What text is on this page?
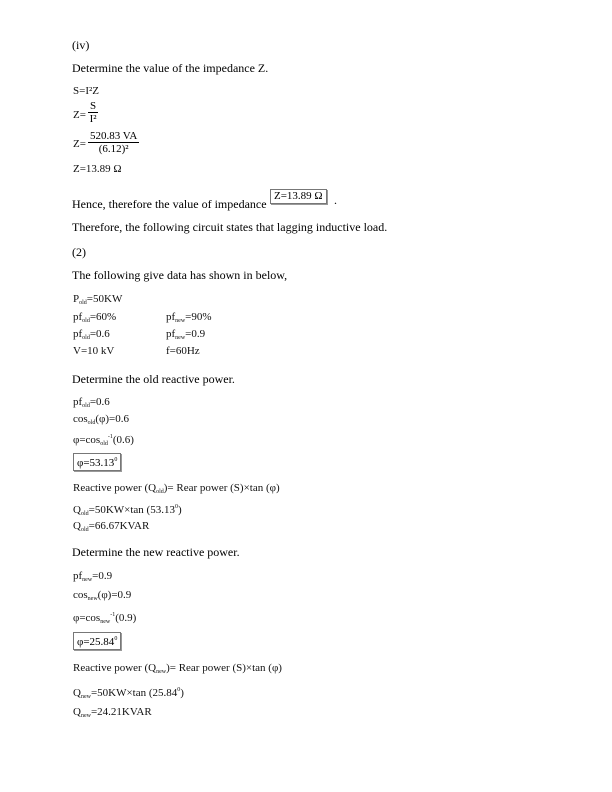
(iv)
Determine the value of the impedance Z.
S=I²Z
$Z= \frac{S}{\text{I²}}$
$Z= \frac{520.83 VA}{\text{(6.12)²}}$
Z=13.89 Ω
Hence, therefore the value of impedance
Z=13.89 Ω .
Therefore, the following circuit states that lagging inductive load.
(2)
The following give data has shown in below,
$P_{old}=50KW$
$pf_{old}=60\%$	$pf_{new}=90\%$
$pf_{old}=0.6$	$pf_{new}=0.9$
V=10 kV	f=60Hz
Determine the old reactive power.
$pf_{old}=0.6$
$\cos_{old}(\varphi)=0.6$
$\varphi=\cos_{old}^{-1}(0.6)$
$\varphi=53.13^0$
Reactive power $(Q_{old})=$ Rear power (S)×tan (φ)
$Q_{old}=50KW\times\tan$ (53.13$^0$)
$Q_{old}=66.67KVAR$
Determine the new reactive power.
$pf_{new}=0.9$
$\cos_{new}(\varphi)=0.9$
$\varphi=\cos_{new}^{-1}(0.9)$
$\varphi=25.84^0$
Reactive power $(Q_{new})=$ Rear power (S)×tan (φ)
$Q_{new}=50KW\times\tan$ (25.84$^0$)
$Q_{new}=24.21KVAR$
